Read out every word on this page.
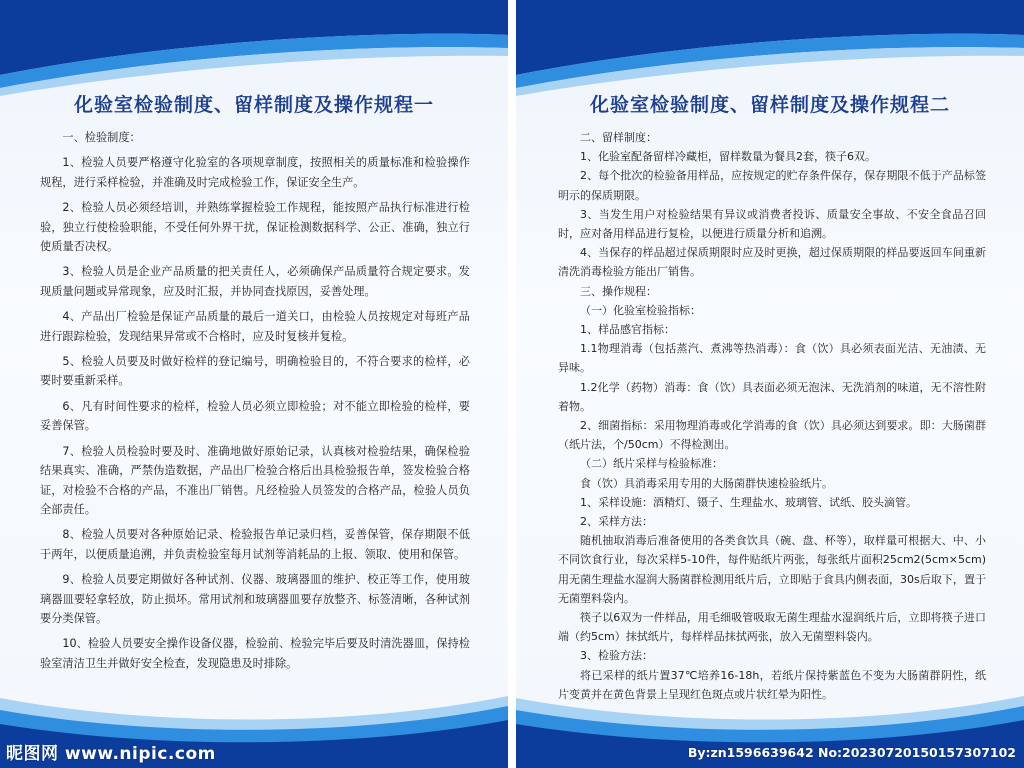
化验室检验制度、留样制度及操作规程一

一、检验制度：

1、检验人员要严格遵守化验室的各项规章制度，按照相关的质量标准和检验操作规程，进行采样检验，并准确及时完成检验工作，保证安全生产。

2、检验人员必须经培训，并熟练掌握检验工作规程，能按照产品执行标准进行检验，独立行使检验职能，不受任何外界干扰，保证检测数据科学、公正、准确，独立行使质量否决权。

3、检验人员是企业产品质量的把关责任人，必须确保产品质量符合规定要求。发现质量问题或异常现象，应及时汇报，并协同查找原因，妥善处理。

4、产品出厂检验是保证产品质量的最后一道关口，由检验人员按规定对每班产品进行跟踪检验，发现结果异常或不合格时，应及时复核并复检。

5、检验人员要及时做好检样的登记编号，明确检验目的，不符合要求的检样，必要时要重新采样。

6、凡有时间性要求的检样，检验人员必须立即检验；对不能立即检验的检样，要妥善保管。

7、检验人员检验时要及时、准确地做好原始记录，认真核对检验结果，确保检验结果真实、准确，严禁伪造数据，产品出厂检验合格后出具检验报告单，签发检验合格证，对检验不合格的产品，不准出厂销售。凡经检验人员签发的合格产品，检验人员负全部责任。

8、检验人员要对各种原始记录、检验报告单记录归档，妥善保管，保存期限不低于两年，以便质量追溯，并负责检验室每月试剂等消耗品的上报、领取、使用和保管。

9、检验人员要定期做好各种试剂、仪器、玻璃器皿的维护、校正等工作，使用玻璃器皿要轻拿轻放，防止损坏。常用试剂和玻璃器皿要存放整齐、标签清晰，各种试剂要分类保管。

10、检验人员要安全操作设备仪器，检验前、检验完毕后要及时清洗器皿，保持检验室清洁卫生并做好安全检查，发现隐患及时排除。

昵图网 www.nipic.com
化验室检验制度、留样制度及操作规程二

二、留样制度：

1、化验室配备留样冷藏柜，留样数量为餐具2套，筷子6双。

2、每个批次的检验备用样品，应按规定的贮存条件保存，保存期限不低于产品标签明示的保质期限。

3、当发生用户对检验结果有异议或消费者投诉、质量安全事故、不安全食品召回时，应对备用样品进行复检，以便进行质量分析和追溯。

4、当保存的样品超过保质期限时应及时更换，超过保质期限的样品要返回车间重新清洗消毒检验方能出厂销售。

三、操作规程：

（一）化验室检验指标：

1、样品感官指标：

1.1物理消毒（包括蒸汽、煮沸等热消毒）：食（饮）具必须表面光洁、无油渍、无异味。

1.2化学（药物）消毒：食（饮）具表面必须无泡沫、无洗消剂的味道，无不溶性附着物。

2、细菌指标：采用物理消毒或化学消毒的食（饮）具必须达到要求。即：大肠菌群（纸片法，个/50cm）不得检测出。

（二）纸片采样与检验标准：

食（饮）具消毒采用专用的大肠菌群快速检验纸片。

1、采样设施：酒精灯、镊子、生理盐水、玻璃管、试纸、胶头滴管。

2、采样方法：

随机抽取消毒后准备使用的各类食饮具（碗、盘、杯等），取样量可根据大、中、小不同饮食行业，每次采样5-10件，每件贴纸片两张，每张纸片面积25cm2(5cm×5cm)用无菌生理盐水湿润大肠菌群检测用纸片后，立即贴于食具内侧表面，30s后取下，置于无菌塑料袋内。

筷子以6双为一件样品，用毛细吸管吸取无菌生理盐水湿润纸片后，立即将筷子进口端（约5cm）抹拭纸片，每样样品抹拭两张，放入无菌塑料袋内。

3、检验方法：

将已采样的纸片置37℃培养16-18h，若纸片保持紫蓝色不变为大肠菌群阴性，纸片变黄并在黄色背景上呈现红色斑点或片状红晕为阳性。

By:zn1596639642 No:20230720150157307102
